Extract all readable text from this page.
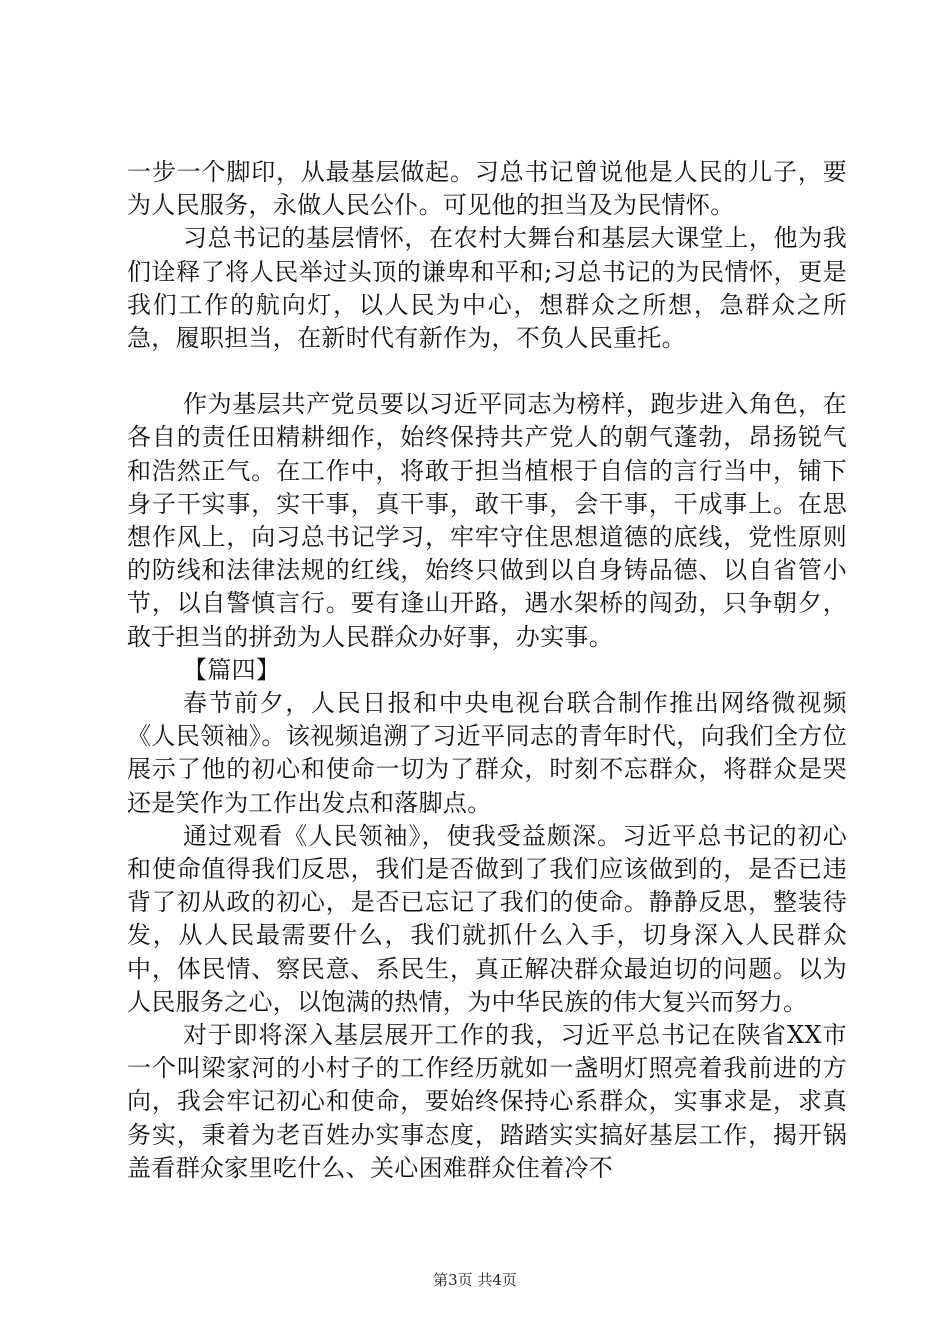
一步一个脚印，从最基层做起。习总书记曾说他是人民的儿子，要为人民服务，永做人民公仆。可见他的担当及为民情怀。

习总书记的基层情怀，在农村大舞台和基层大课堂上，他为我们诠释了将人民举过头顶的谦卑和平和;习总书记的为民情怀，更是我们工作的航向灯，以人民为中心，想群众之所想，急群众之所急，履职担当，在新时代有新作为，不负人民重托。

作为基层共产党员要以习近平同志为榜样，跑步进入角色，在各自的责任田精耕细作，始终保持共产党人的朝气蓬勃，昂扬锐气和浩然正气。在工作中，将敢于担当植根于自信的言行当中，铺下身子干实事，实干事，真干事，敢干事，会干事，干成事上。在思想作风上，向习总书记学习，牢牢守住思想道德的底线，党性原则的防线和法律法规的红线，始终只做到以自身铸品德、以自省管小节，以自警慎言行。要有逢山开路，遇水架桥的闯劲，只争朝夕，敢于担当的拼劲为人民群众办好事，办实事。

【篇四】

春节前夕，人民日报和中央电视台联合制作推出网络微视频《人民领袖》。该视频追溯了习近平同志的青年时代，向我们全方位展示了他的初心和使命一切为了群众，时刻不忘群众，将群众是哭还是笑作为工作出发点和落脚点。

通过观看《人民领袖》，使我受益颇深。习近平总书记的初心和使命值得我们反思，我们是否做到了我们应该做到的，是否已违背了初从政的初心，是否已忘记了我们的使命。静静反思，整装待发，从人民最需要什么，我们就抓什么入手，切身深入人民群众中，体民情、察民意、系民生，真正解决群众最迫切的问题。以为人民服务之心，以饱满的热情，为中华民族的伟大复兴而努力。

对于即将深入基层展开工作的我，习近平总书记在陕省XX市一个叫梁家河的小村子的工作经历就如一盏明灯照亮着我前进的方向，我会牢记初心和使命，要始终保持心系群众，实事求是，求真务实，秉着为老百姓办实事态度，踏踏实实搞好基层工作，揭开锅盖看群众家里吃什么、关心困难群众住着冷不

第3页 共4页
